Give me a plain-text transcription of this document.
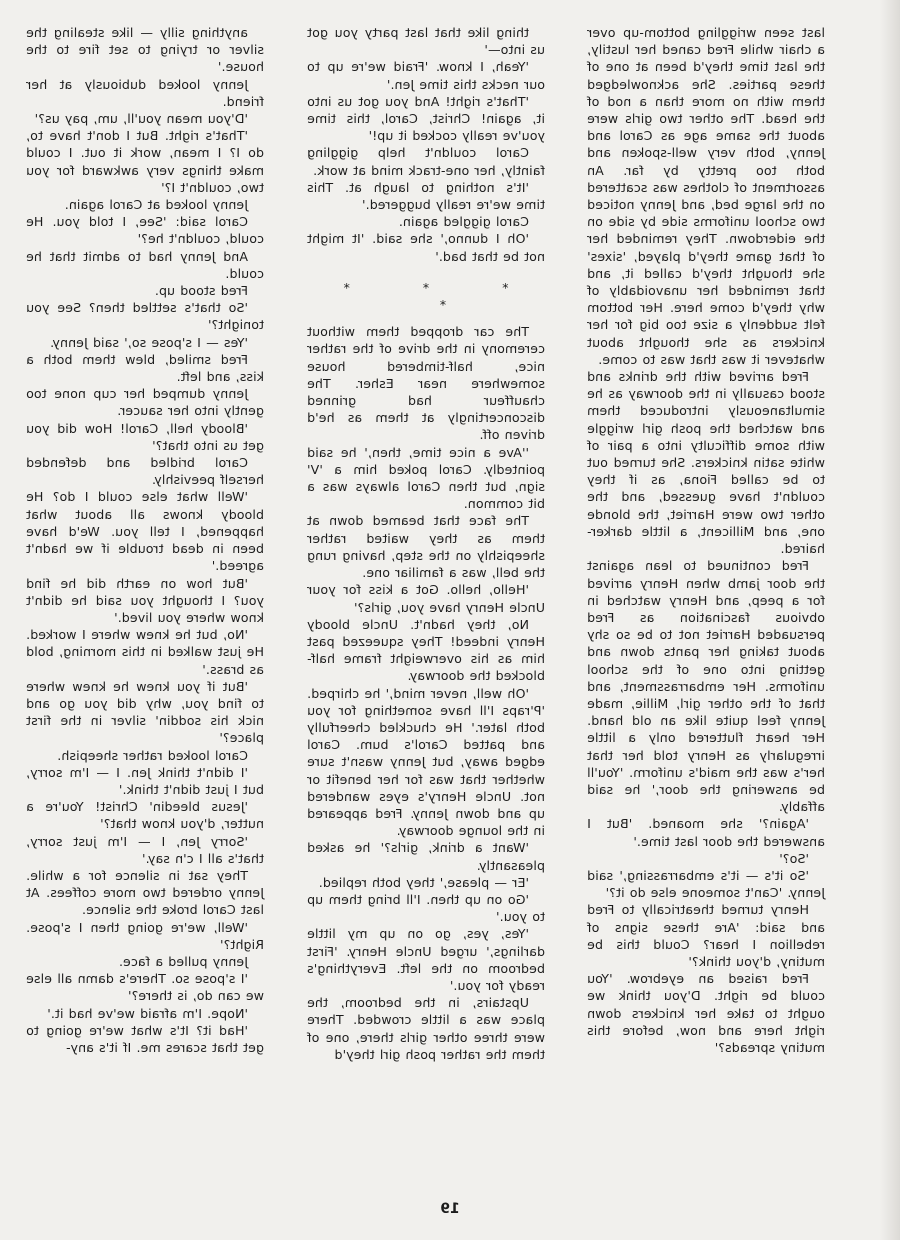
anything silly — like stealing the silver or trying to set fire to the house.'

Jenny looked dubiously at her friend.

'D'you mean you'll, um, pay us?'

'That's right. But I don't have to, do I? I mean, work it out. I could make things very awkward for you two, couldn't I?'

Jenny looked at Carol again.

Carol said: 'See, I told you. He could, couldn't he?'

And Jenny had to admit that he could.

Fred stood up.

'So that's settled then? See you tonight?'

'Yes — I s'pose so,' said Jenny.

Fred smiled, blew them both a kiss, and left.

Jenny dumped her cup none too gently into her saucer.

'Bloody hell, Carol! How did you get us into that?'

Carol bridled and defended herself peevishly.

'Well what else could I do? He bloody knows all about what happened, I tell you. We'd have been in dead trouble if we hadn't agreed.'

'But how on earth did he find you? I thought you said he didn't know where you lived.'

'No, but he knew where I worked. He just walked in this morning, bold as brass.'

'But if you knew he knew where to find you, why did you go and nick his soddin' silver in the first place?'

Carol looked rather sheepish.

'I didn't think Jen. I — I'm sorry, but I just didn't think.'

'Jesus bleedin' Christ! You're a nutter, d'you know that?'

'Sorry Jen, I — I'm just sorry, that's all I c'n say.'

They sat in silence for a while. Jenny ordered two more coffees. At last Carol broke the silence.

'Well, we're going then I s'pose. Right?'

Jenny pulled a face.

'I s'pose so. There's damn all else we can do, is there?'

'Nope. I'm afraid we've had it.'

'Had it? It's what we're going to get that scares me. If it's any-

thing like that last party you got us into—'

'Yeah, I know. 'Fraid we're up to our necks this time Jen.'

'That's right! And you got us into it, again! Christ, Carol, this time you've really cocked it up!'

Carol couldn't help giggling faintly, her one-track mind at work.

'It's nothing to laugh at. This time we're really buggered.'

Carol giggled again.

'Oh I dunno,' she said. 'It might not be that bad.'

* * * *

The car dropped them without ceremony in the drive of the rather nice, half-timbered house somewhere near Esher. The chauffeur had grinned disconcertingly at them as he'd driven off.

''Ave a nice time, then,' he said pointedly. Carol poked him a 'V' sign, but then Carol always was a bit common.

The face that beamed down at them as they waited rather sheepishly on the step, having rung the bell, was a familiar one.

'Hello, hello. Got a kiss for your Uncle Henry have you, girls?'

No, they hadn't. Uncle bloody Henry indeed! They squeezed past him as his overweight frame half-blocked the doorway.

'Oh well, never mind,' he chirped. 'P'raps I'll have something for you both later.' He chuckled cheerfully and patted Carol's bum. Carol edged away, but Jenny wasn't sure whether that was for her benefit or not. Uncle Henry's eyes wandered up and down Jenny. Fred appeared in the lounge doorway.

'Want a drink, girls?' he asked pleasantly.

'Er — please,' they both replied.

'Go on up then. I'll bring them up to you.'

'Yes, yes, go on up my little darlings,' urged Uncle Henry. 'First bedroom on the left. Everything's ready for you.'

Upstairs, in the bedroom, the place was a little crowded. There were three other girls there, one of them the rather posh girl they'd

last seen wriggling bottom-up over a chair while Fred caned her lustily, the last time they'd been at one of these parties. She acknowledged them with no more than a nod of the head. The other two girls were about the same age as Carol and Jenny, both very well-spoken and both too pretty by far. An assortment of clothes was scattered on the large bed, and Jenny noticed two school uniforms side by side on the eiderdown. They reminded her of that game they'd played, 'sixes' she thought they'd called it, and that reminded her unavoidably of why they'd come here. Her bottom felt suddenly a size too big for her knickers as she thought about whatever it was that was to come.

Fred arrived with the drinks and stood casually in the doorway as he simultaneously introduced them and watched the posh girl wriggle with some difficulty into a pair of white satin knickers. She turned out to be called Fiona, as if they couldn't have guessed, and the other two were Harriet, the blonde one, and Millicent, a little darker-haired.

Fred continued to lean against the door jamb when Henry arrived for a peep, and Henry watched in obvious fascination as Fred persuaded Harriet not to be so shy about taking her pants down and getting into one of the school uniforms. Her embarrassment, and that of the other girl, Millie, made Jenny feel quite like an old hand. Her heart fluttered only a little irregularly as Henry told her that her's was the maid's uniform. 'You'll be answering the door,' he said affably.

'Again?' she moaned. 'But I answered the door last time.'

'So?'

'So it's — it's embarrassing,' said Jenny. 'Can't someone else do it?'

Henry turned theatrically to Fred and said: 'Are these signs of rebellion I hear? Could this be mutiny, d'you think?'

Fred raised an eyebrow. 'You could be right. D'you think we ought to take her knickers down right here and now, before this mutiny spreads?'

19
